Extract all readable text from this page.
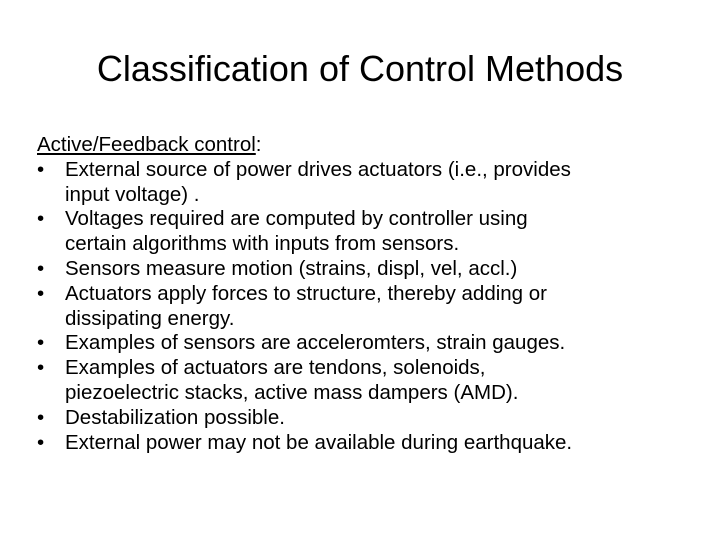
Classification of Control Methods
Active/Feedback control:
• External source of power drives actuators (i.e., provides
input voltage) .
• Voltages required are computed by controller using
certain algorithms with inputs from sensors.
• Sensors measure motion (strains, displ, vel, accl.)
• Actuators apply forces to structure, thereby adding or
dissipating energy.
• Examples of sensors are acceleromters, strain gauges.
• Examples of actuators are tendons, solenoids,
piezoelectric stacks, active mass dampers (AMD).
• Destabilization possible.
• External power may not be available during earthquake.
